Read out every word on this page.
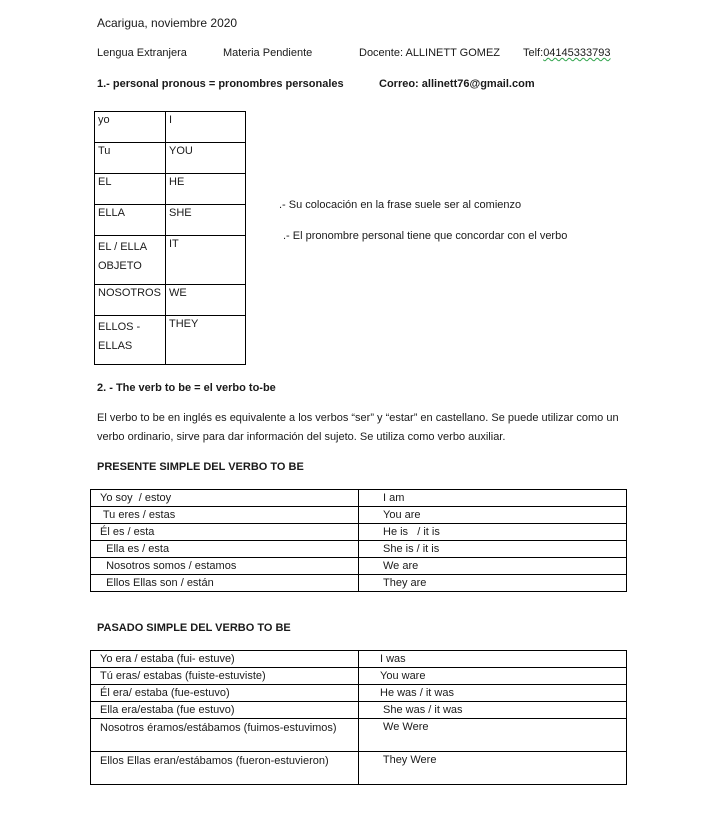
Acarigua, noviembre 2020
Lengua Extranjera	Materia Pendiente	Docente: ALLINETT GOMEZ Telf:04145333793
1.- personal pronous = pronombres personales	Correo: allinett76@gmail.com
yo	I
Tu	YOU
EL	HE
ELLA	SHE
EL / ELLA OBJETO	IT
NOSOTROS	WE
ELLOS - ELLAS	THEY
.- Su colocación en la frase suele ser al comienzo
.- El pronombre personal tiene que concordar con el verbo
2. - The verb to be = el verbo to-be
El verbo to be en inglés es equivalente a los verbos “ser” y “estar” en castellano. Se puede utilizar como un verbo ordinario, sirve para dar información del sujeto. Se utiliza como verbo auxiliar.
PRESENTE SIMPLE DEL VERBO TO BE
Yo soy  / estoy	I am
Tu eres / estas	You are
Él es / esta	He is   / it is
Ella es / esta	She is / it is
Nosotros somos / estamos	We are
Ellos Ellas son / están	They are
PASADO SIMPLE DEL VERBO TO BE
Yo era / estaba (fui- estuve)	I was
Tú eras/ estabas (fuiste-estuviste)	You ware
Él era/ estaba (fue-estuvo)	He was / it was
Ella era/estaba (fue estuvo)	She was / it was
Nosotros éramos/estábamos (fuimos-estuvimos)	We Were
Ellos Ellas eran/estábamos (fueron-estuvieron)	They Were
